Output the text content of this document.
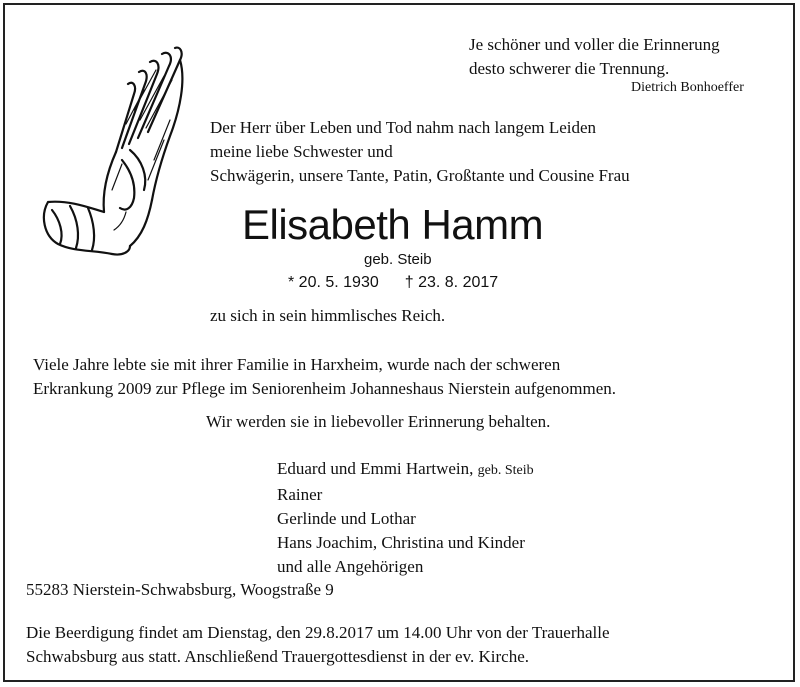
Je schöner und voller die Erinnerung
desto schwerer die Trennung.
Dietrich Bonhoeffer
Der Herr über Leben und Tod nahm nach langem Leiden
meine liebe Schwester und
Schwägerin, unsere Tante, Patin, Großtante und Cousine Frau
Elisabeth Hamm
geb. Steib
* 20. 5. 1930 † 23. 8. 2017
zu sich in sein himmlisches Reich.
Viele Jahre lebte sie mit ihrer Familie in Harxheim, wurde nach der schweren
Erkrankung 2009 zur Pflege im Seniorenheim Johanneshaus Nierstein aufgenommen.
Wir werden sie in liebevoller Erinnerung behalten.
Eduard und Emmi Hartwein, geb. Steib
Rainer
Gerlinde und Lothar
Hans Joachim, Christina und Kinder
und alle Angehörigen
55283 Nierstein-Schwabsburg, Woogstraße 9
Die Beerdigung findet am Dienstag, den 29.8.2017 um 14.00 Uhr von der Trauerhalle
Schwabsburg aus statt. Anschließend Trauergottesdienst in der ev. Kirche.
